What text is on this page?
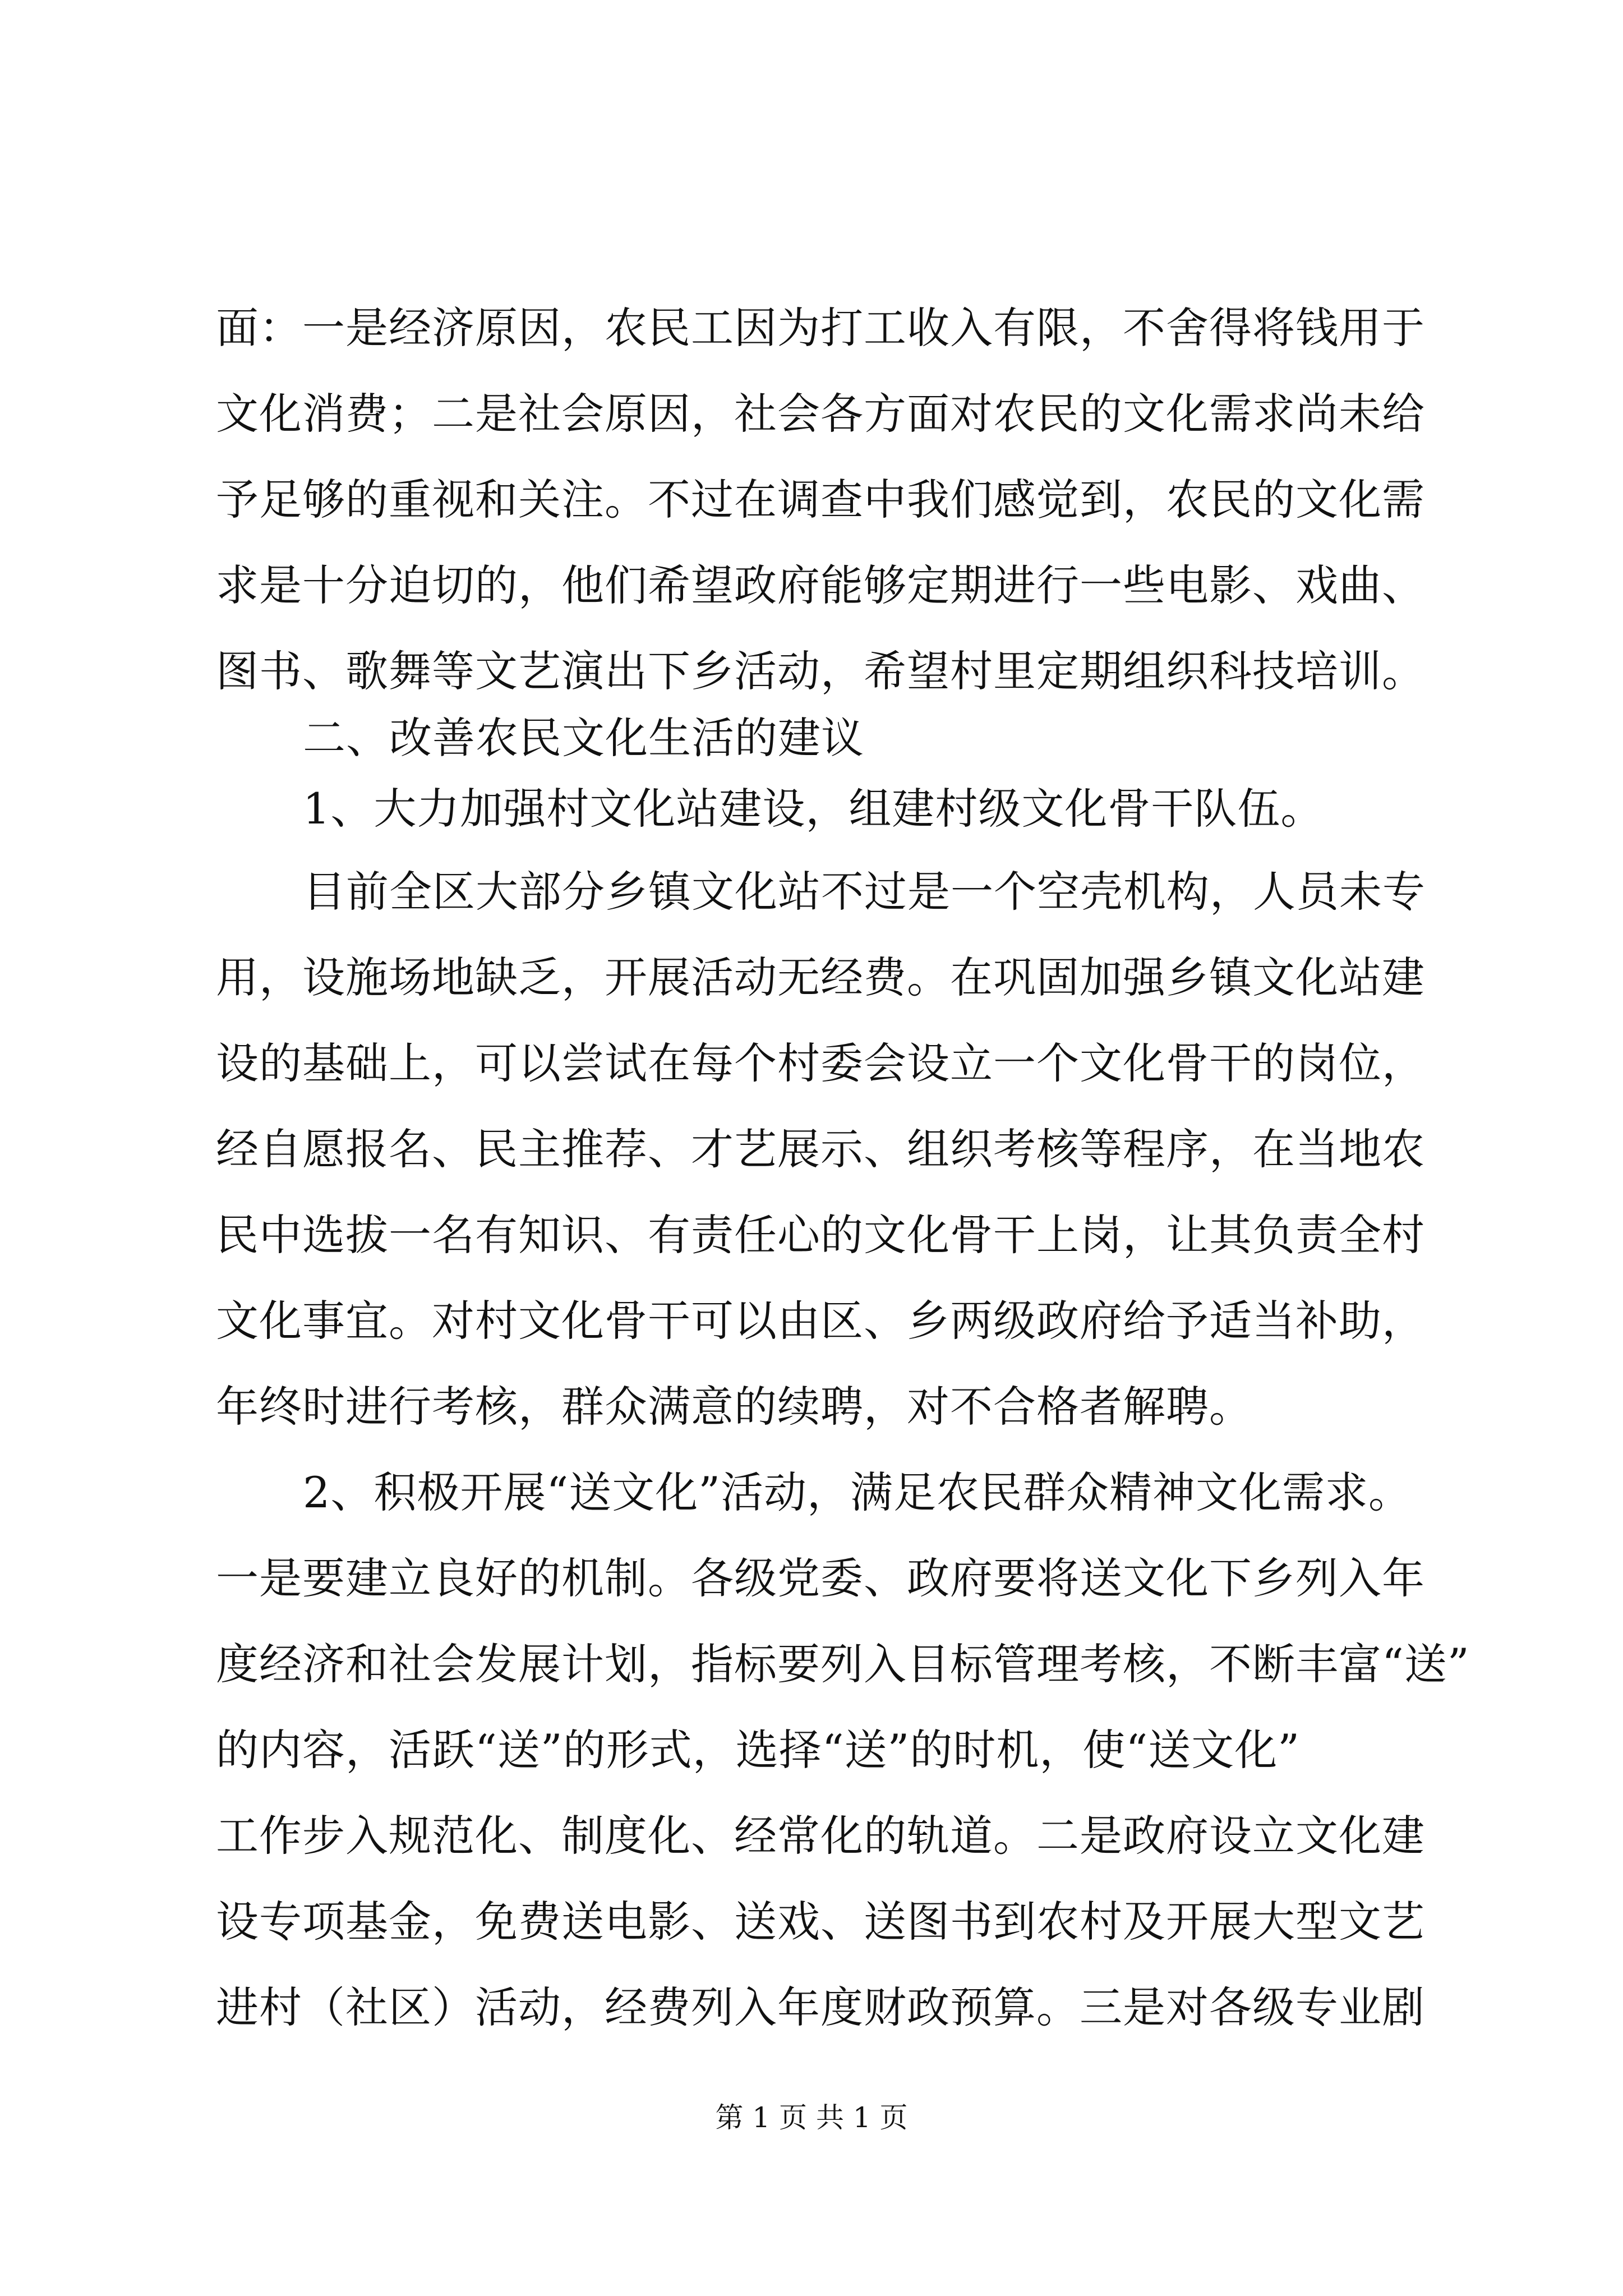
面：一是经济原因，农民工因为打工收入有限，不舍得将钱用于
文化消费；二是社会原因，社会各方面对农民的文化需求尚未给
予足够的重视和关注。不过在调查中我们感觉到，农民的文化需
求是十分迫切的，他们希望政府能够定期进行一些电影、戏曲、
图书、歌舞等文艺演出下乡活动，希望村里定期组织科技培训。
二、改善农民文化生活的建议
1、大力加强村文化站建设，组建村级文化骨干队伍。
目前全区大部分乡镇文化站不过是一个空壳机构，人员未专
用，设施场地缺乏，开展活动无经费。在巩固加强乡镇文化站建
设的基础上，可以尝试在每个村委会设立一个文化骨干的岗位，
经自愿报名、民主推荐、才艺展示、组织考核等程序，在当地农
民中选拔一名有知识、有责任心的文化骨干上岗，让其负责全村
文化事宜。对村文化骨干可以由区、乡两级政府给予适当补助，
年终时进行考核，群众满意的续聘，对不合格者解聘。
2、积极开展“送文化”活动，满足农民群众精神文化需求。
一是要建立良好的机制。各级党委、政府要将送文化下乡列入年
度经济和社会发展计划，指标要列入目标管理考核，不断丰富“送”
的内容，活跃“送”的形式，选择“送”的时机，使“送文化”
工作步入规范化、制度化、经常化的轨道。二是政府设立文化建
设专项基金，免费送电影、送戏、送图书到农村及开展大型文艺
进村（社区）活动，经费列入年度财政预算。三是对各级专业剧
第 1 页 共 1 页
